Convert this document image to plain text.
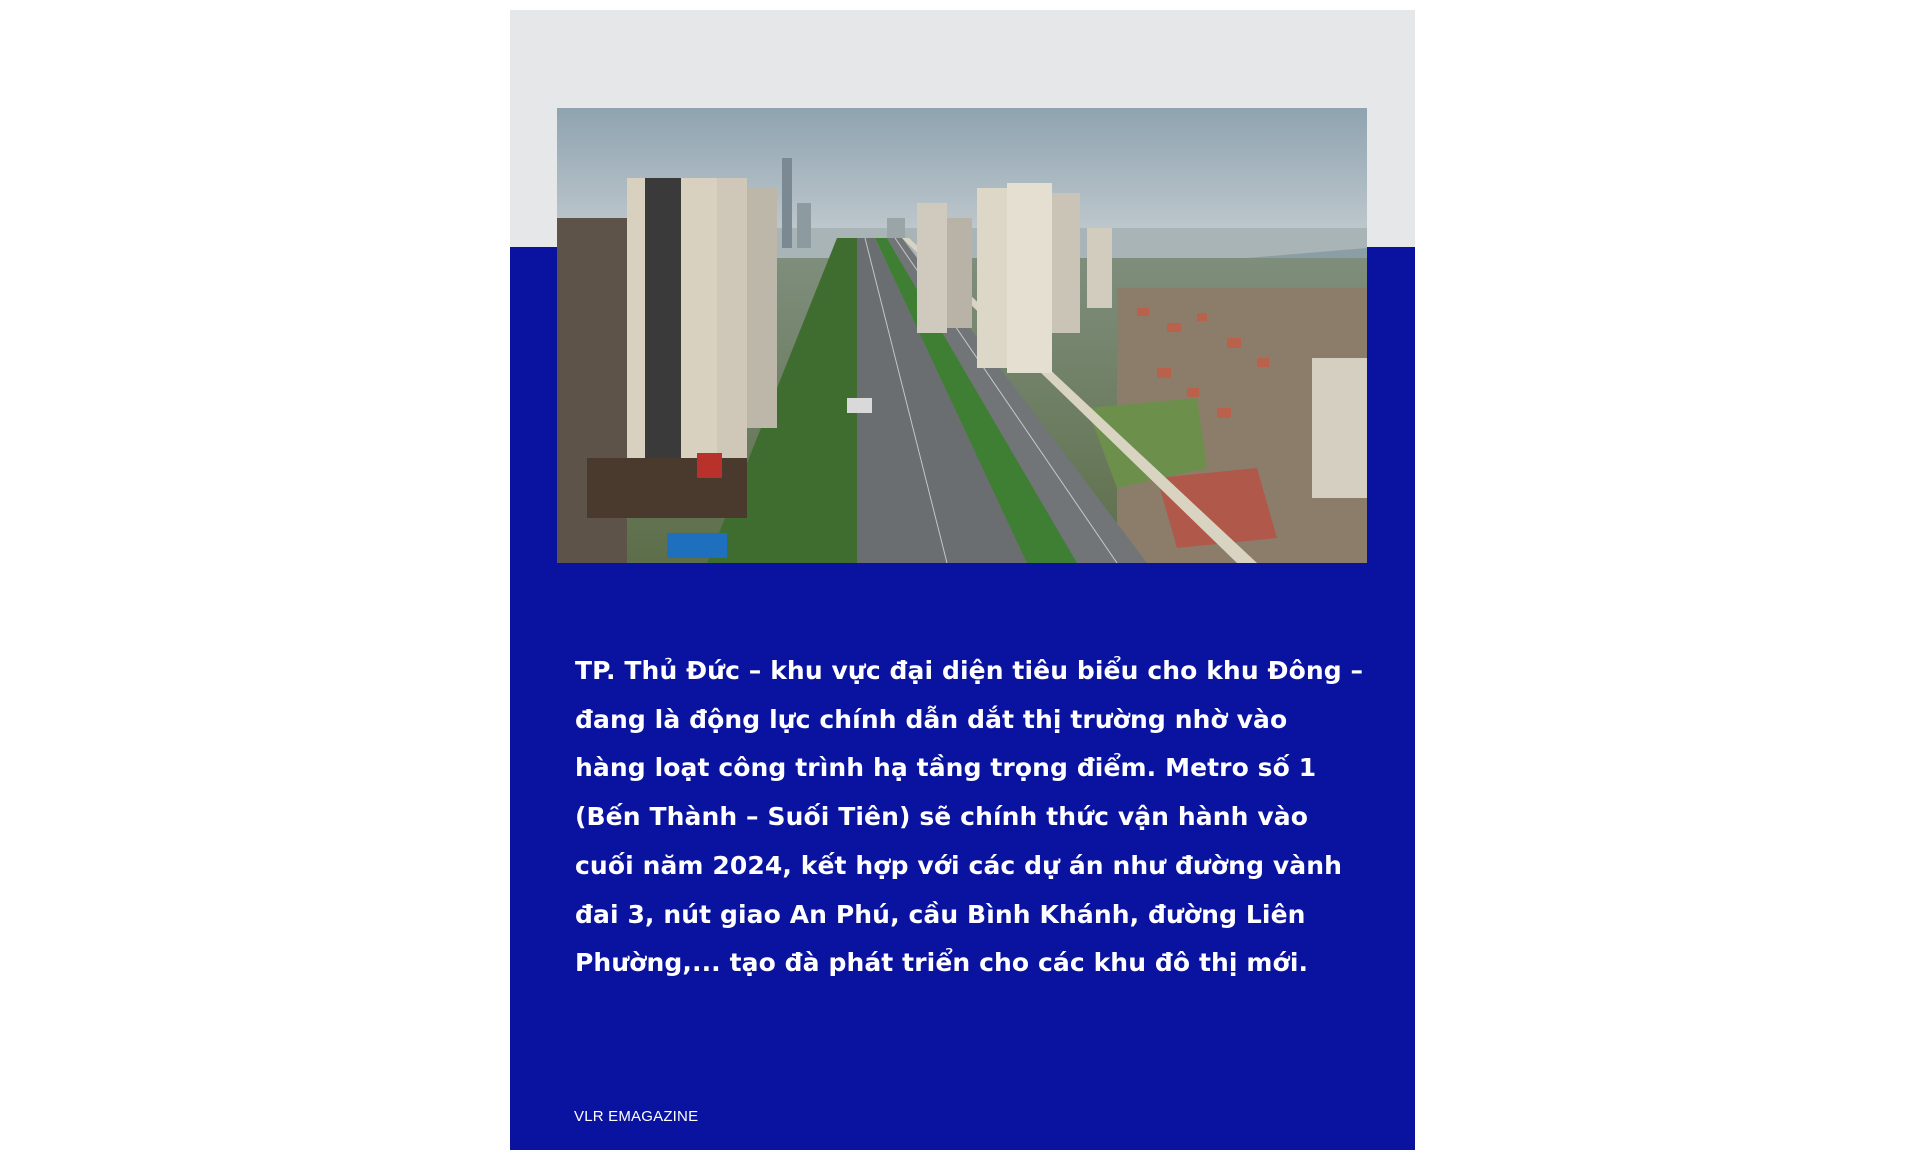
TP. Thủ Đức – khu vực đại diện tiêu biểu cho khu Đông – đang là động lực chính dẫn dắt thị trường nhờ vào hàng loạt công trình hạ tầng trọng điểm. Metro số 1 (Bến Thành – Suối Tiên) sẽ chính thức vận hành vào cuối năm 2024, kết hợp với các dự án như đường vành đai 3, nút giao An Phú, cầu Bình Khánh, đường Liên Phường,... tạo đà phát triển cho các khu đô thị mới.
VLR EMAGAZINE
